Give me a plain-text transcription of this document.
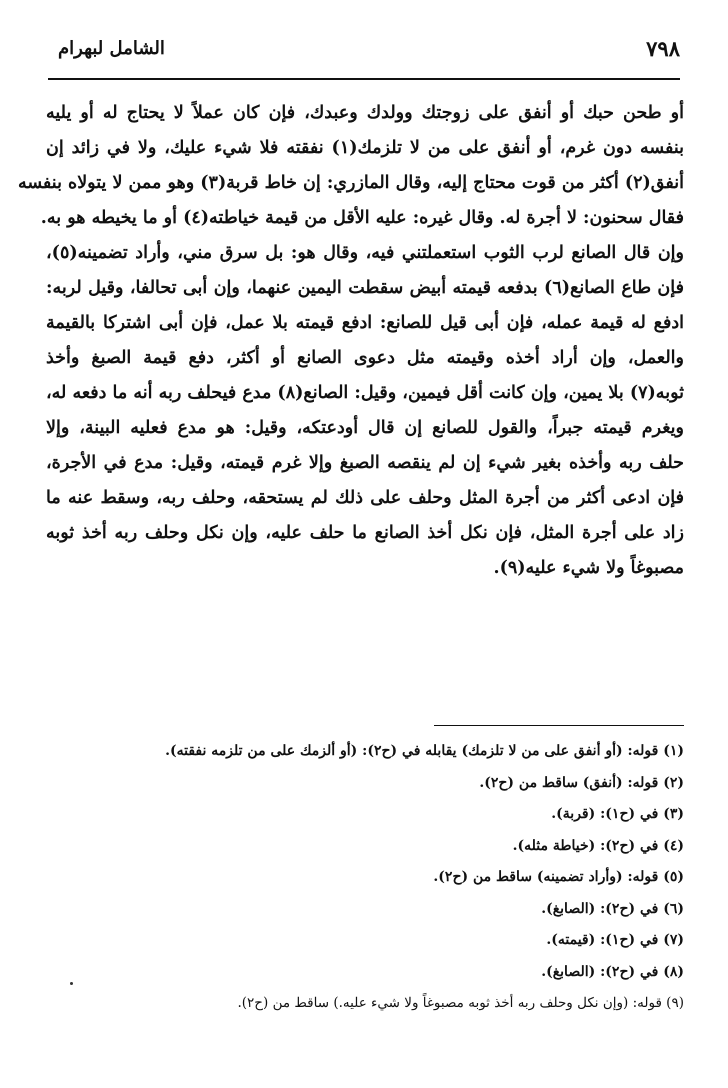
٧٩٨
الشامل لبهرام
أو طحن حبك أو أنفق على زوجتك وولدك وعبدك، فإن كان عملاً لا يحتاج له أو يليه
بنفسه دون غرم، أو أنفق على من لا تلزمك(١) نفقته فلا شيء عليك، ولا في زائد إن
أنفق(٢) أكثر من قوت محتاج إليه، وقال المازري: إن خاط قربة(٣) وهو ممن لا يتولاه بنفسه
فقال سحنون: لا أجرة له. وقال غيره: عليه الأقل من قيمة خياطته(٤) أو ما يخيطه هو به.
وإن قال الصانع لرب الثوب استعملتني فيه، وقال هو: بل سرق مني، وأراد تضمينه(٥)،
فإن طاع الصانع(٦) بدفعه قيمته أبيض سقطت اليمين عنهما، وإن أبى تحالفا، وقيل لربه:
ادفع له قيمة عمله، فإن أبى قيل للصانع: ادفع قيمته بلا عمل، فإن أبى اشتركا بالقيمة
والعمل، وإن أراد أخذه وقيمته مثل دعوى الصانع أو أكثر، دفع قيمة الصبغ وأخذ
ثوبه(٧) بلا يمين، وإن كانت أقل فيمين، وقيل: الصانع(٨) مدع فيحلف ربه أنه ما دفعه له،
ويغرم قيمته جبراً، والقول للصانع إن قال أودعتكه، وقيل: هو مدع فعليه البينة، وإلا
حلف ربه وأخذه بغير شيء إن لم ينقصه الصبغ وإلا غرم قيمته، وقيل: مدع في الأجرة،
فإن ادعى أكثر من أجرة المثل وحلف على ذلك لم يستحقه، وحلف ربه، وسقط عنه ما
زاد على أجرة المثل، فإن نكل أخذ الصانع ما حلف عليه، وإن نكل وحلف ربه أخذ ثوبه
مصبوغاً ولا شيء عليه(٩).
(١) قوله: (أو أنفق على من لا تلزمك) يقابله في (ح٢): (أو ألزمك على من تلزمه نفقته).
(٢) قوله: (أنفق) ساقط من (ح٢).
(٣) في (ح١): (قربة).
(٤) في (ح٢): (خياطة مثله).
(٥) قوله: (وأراد تضمينه) ساقط من (ح٢).
(٦) في (ح٢): (الصابغ).
(٧) في (ح١): (قيمته).
(٨) في (ح٢): (الصابغ).
(٩) قوله: (وإن نكل وحلف ربه أخذ ثوبه مصبوغاً ولا شيء عليه.) ساقط من (ح٢).
